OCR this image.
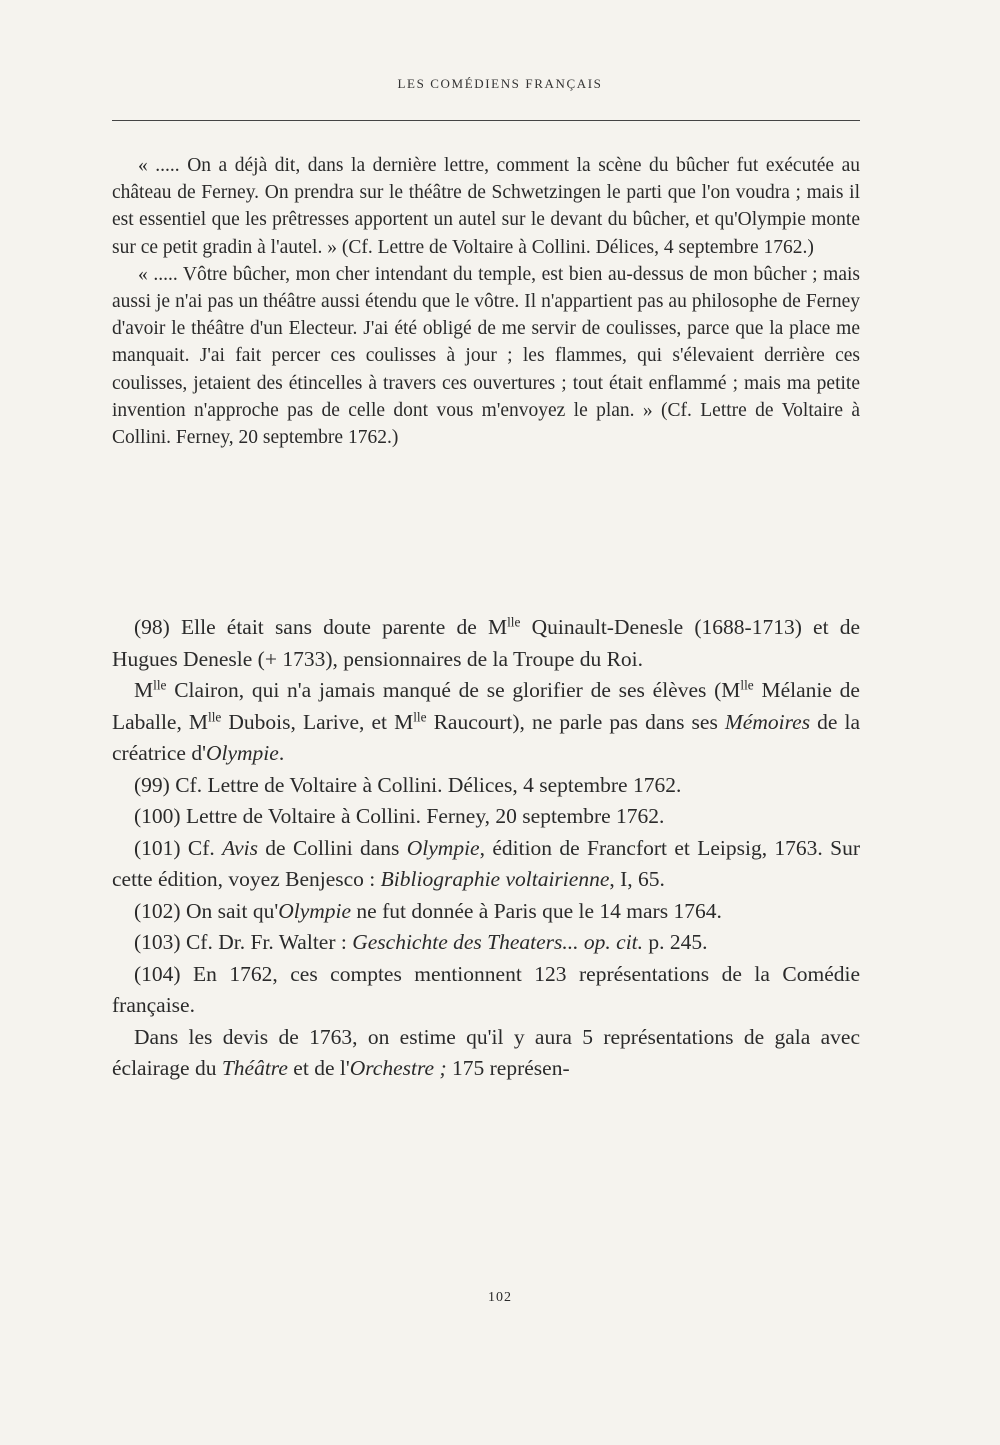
LES COMÉDIENS FRANÇAIS

« ..... On a déjà dit, dans la dernière lettre, comment la scène du bûcher fut exécutée au château de Ferney. On prendra sur le théâtre de Schwetzingen le parti que l'on voudra ; mais il est essentiel que les prêtresses apportent un autel sur le devant du bûcher, et qu'Olympie monte sur ce petit gradin à l'autel. » (Cf. Lettre de Voltaire à Collini. Délices, 4 septembre 1762.)

« ..... Vôtre bûcher, mon cher intendant du temple, est bien au-dessus de mon bûcher ; mais aussi je n'ai pas un théâtre aussi étendu que le vôtre. Il n'appartient pas au philosophe de Ferney d'avoir le théâtre d'un Electeur. J'ai été obligé de me servir de coulisses, parce que la place me manquait. J'ai fait percer ces coulisses à jour ; les flammes, qui s'élevaient derrière ces coulisses, jetaient des étincelles à travers ces ouvertures ; tout était enflammé ; mais ma petite invention n'approche pas de celle dont vous m'envoyez le plan. » (Cf. Lettre de Voltaire à Collini. Ferney, 20 septembre 1762.)

(98) Elle était sans doute parente de $M^{lle}$ Quinault-Denesle (1688-1713) et de Hugues Denesle (+ 1733), pensionnaires de la Troupe du Roi.

$M^{lle}$ Clairon, qui n'a jamais manqué de se glorifier de ses élèves ($M^{lle}$ Mélanie de Laballe, $M^{lle}$ Dubois, Larive, et $M^{lle}$ Raucourt), ne parle pas dans ses Mémoires de la créatrice d'Olympie.

(99) Cf. Lettre de Voltaire à Collini. Délices, 4 septembre 1762.

(100) Lettre de Voltaire à Collini. Ferney, 20 septembre 1762.

(101) Cf. Avis de Collini dans Olympie, édition de Francfort et Leipsig, 1763. Sur cette édition, voyez Benjesco : Bibliographie voltairienne, I, 65.

(102) On sait qu'Olympie ne fut donnée à Paris que le 14 mars 1764.

(103) Cf. Dr. Fr. Walter : Geschichte des Theaters... op. cit. p. 245.

(104) En 1762, ces comptes mentionnent 123 représentations de la Comédie française.

Dans les devis de 1763, on estime qu'il y aura 5 représentations de gala avec éclairage du Théâtre et de l'Orchestre ; 175 représen-

102
